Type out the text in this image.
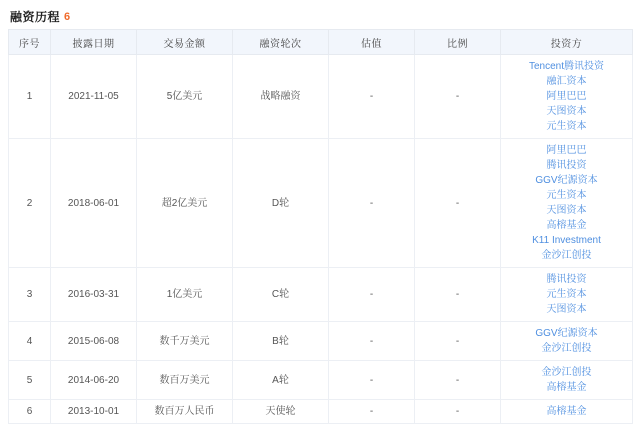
融资历程 6
序号	披露日期	交易金额	融资轮次	估值	比例	投资方
1	2021-11-05	5亿美元	战略融资	-	-	Tencent腾讯投资
融汇资本
阿里巴巴
天图资本
元生资本

2	2018-06-01	超2亿美元	D轮	-	-	
阿里巴巴
腾讯投资
GGV纪源资本
元生资本
天图资本
高榕基金
K11 Investment
金沙江创投

3	2016-03-31	1亿美元	C轮	-	-	腾讯投资
元生资本
天图资本

4	2015-06-08	数千万美元	B轮	-	-	GGV纪源资本
金沙江创投

5	2014-06-20	数百万美元	A轮	-	-	金沙江创投
高榕基金

6	2013-10-01	数百万人民币	天使轮	-	-	高榕基金
